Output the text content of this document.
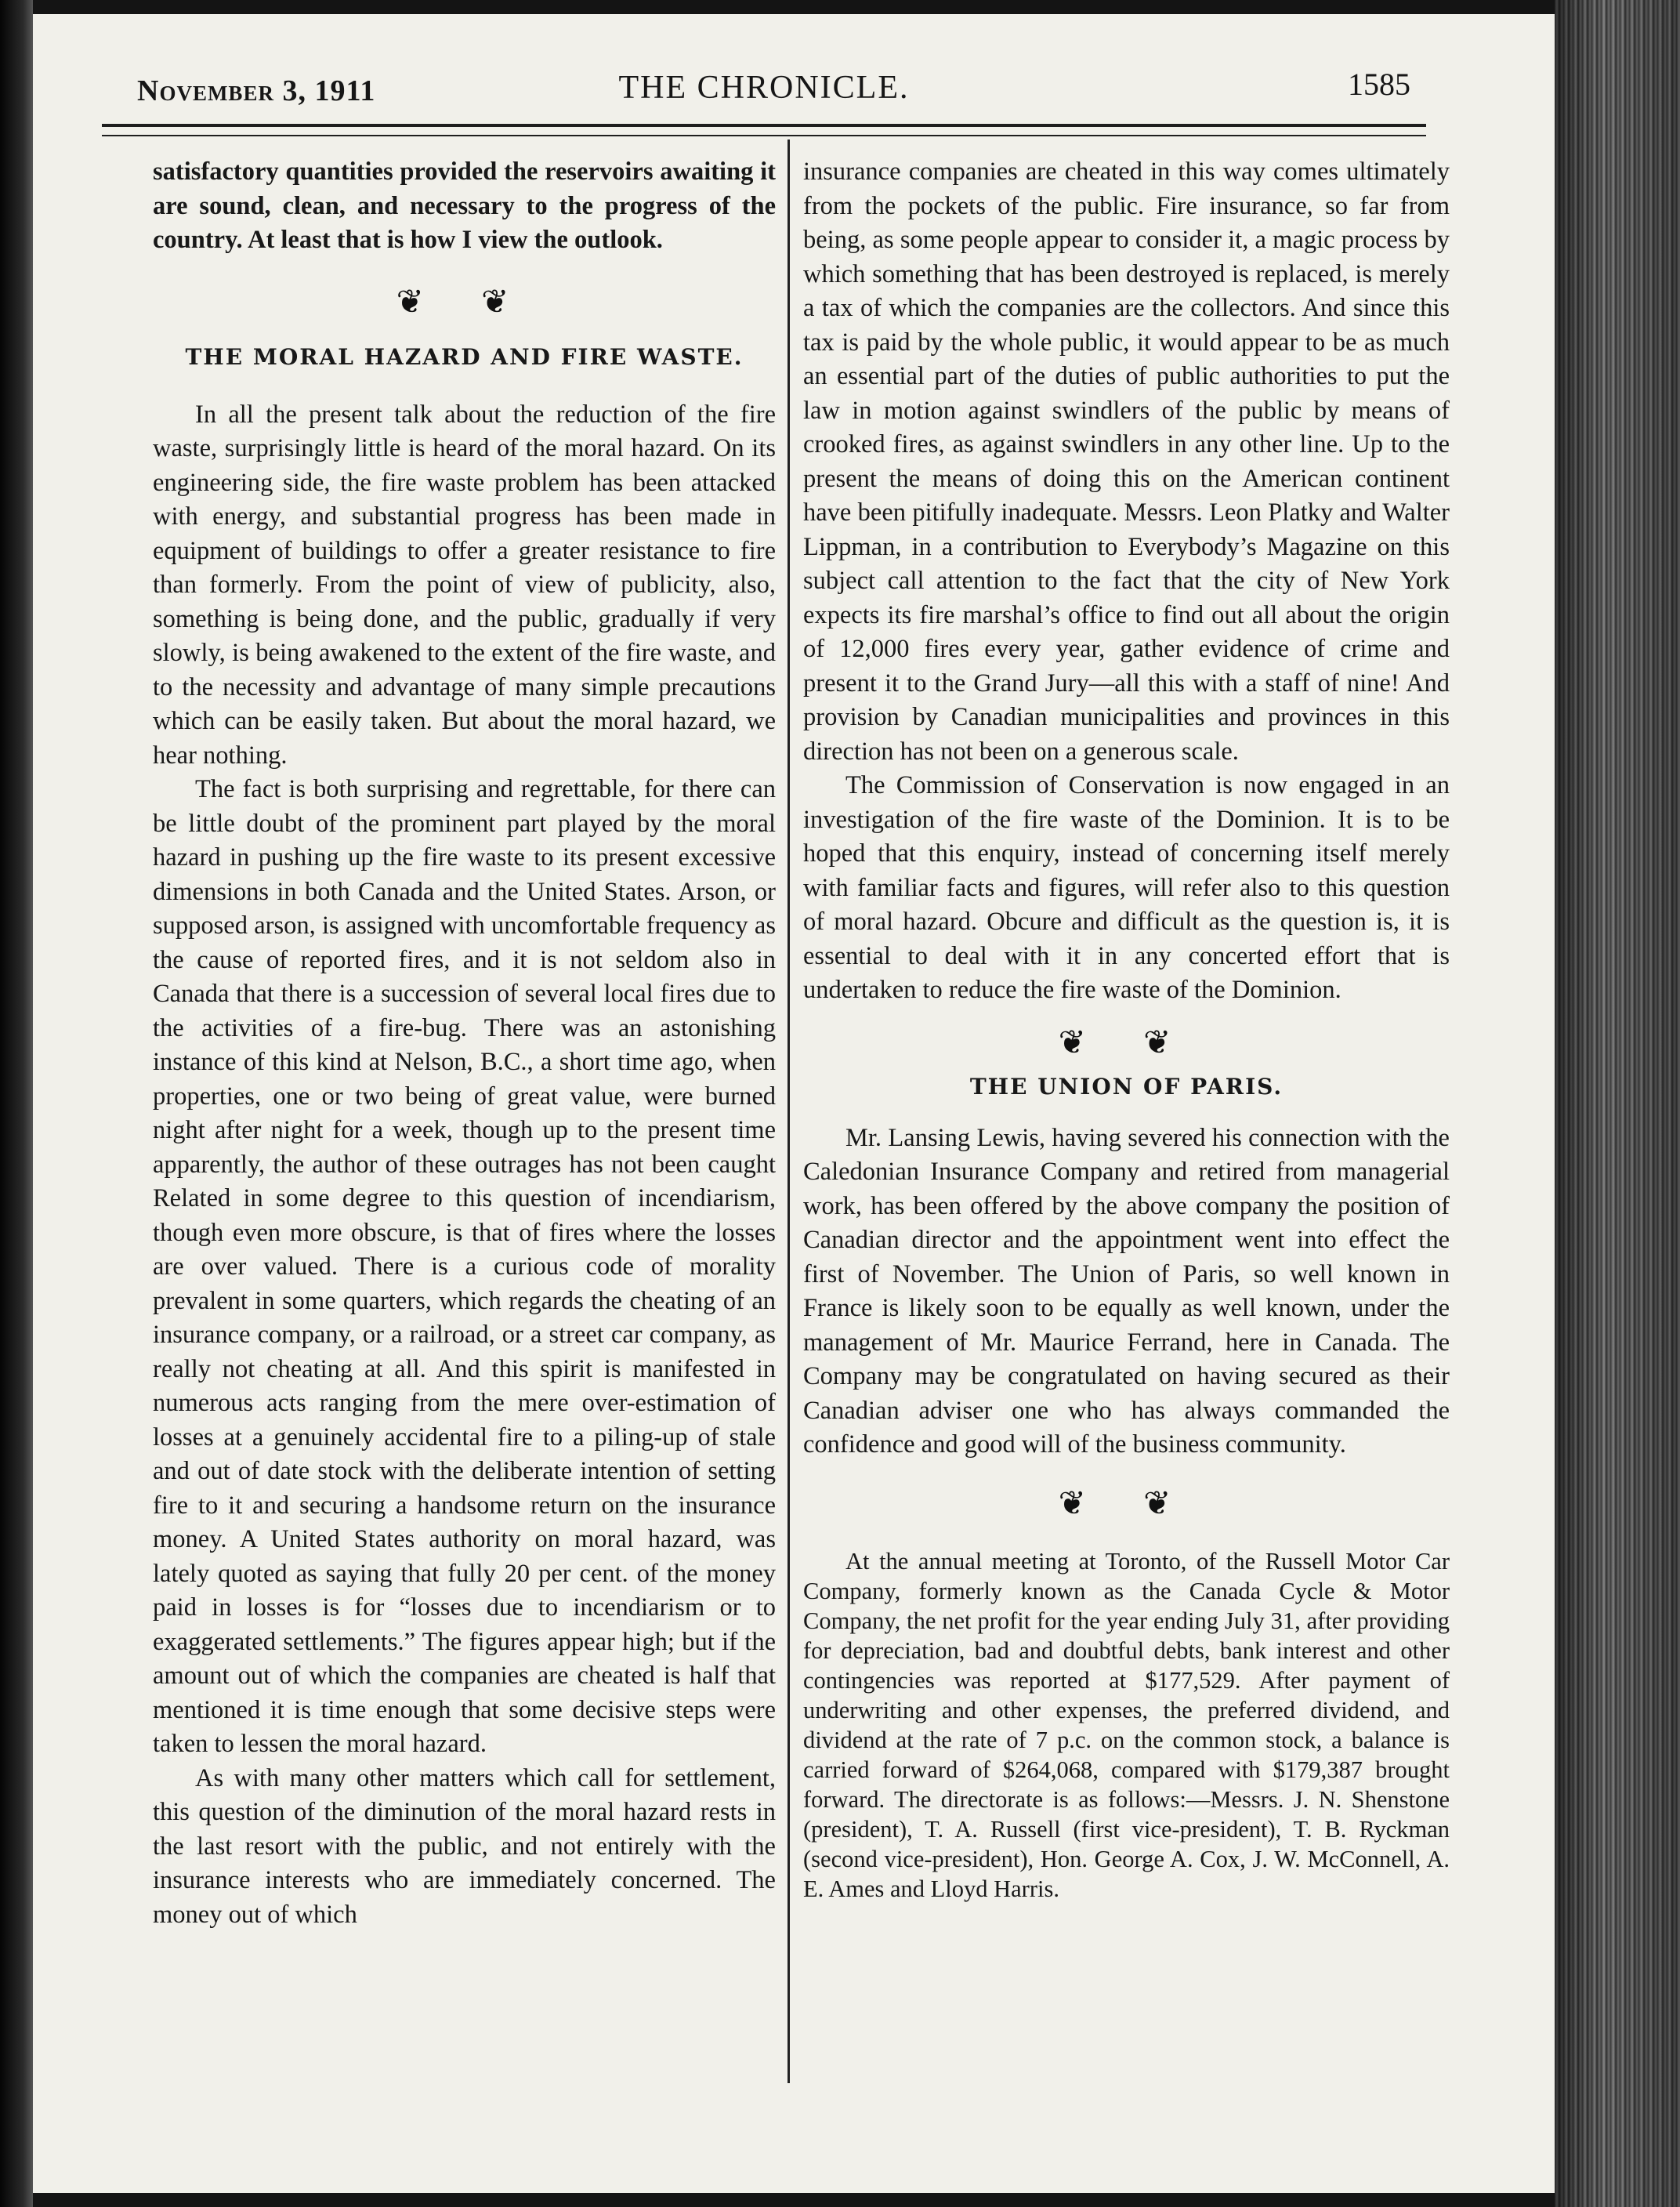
November 3, 1911	THE CHRONICLE.	1585

satisfactory quantities provided the reservoirs awaiting it are sound, clean, and necessary to the progress of the country. At least that is how I view the outlook.

❦ ❦
THE MORAL HAZARD AND FIRE WASTE.

In all the present talk about the reduction of the fire waste, surprisingly little is heard of the moral hazard. On its engineering side, the fire waste problem has been attacked with energy, and substantial progress has been made in equipment of buildings to offer a greater resistance to fire than formerly. From the point of view of publicity, also, something is being done, and the public, gradually if very slowly, is being awakened to the extent of the fire waste, and to the necessity and advantage of many simple precautions which can be easily taken. But about the moral hazard, we hear nothing.

The fact is both surprising and regrettable, for there can be little doubt of the prominent part played by the moral hazard in pushing up the fire waste to its present excessive dimensions in both Canada and the United States. Arson, or supposed arson, is assigned with uncomfortable frequency as the cause of reported fires, and it is not seldom also in Canada that there is a succession of several local fires due to the activities of a fire-bug. There was an astonishing instance of this kind at Nelson, B.C., a short time ago, when properties, one or two being of great value, were burned night after night for a week, though up to the present time apparently, the author of these outrages has not been caught Related in some degree to this question of incendiarism, though even more obscure, is that of fires where the losses are over valued. There is a curious code of morality prevalent in some quarters, which regards the cheating of an insurance company, or a railroad, or a street car company, as really not cheating at all. And this spirit is manifested in numerous acts ranging from the mere over-estimation of losses at a genuinely accidental fire to a piling-up of stale and out of date stock with the deliberate intention of setting fire to it and securing a handsome return on the insurance money. A United States authority on moral hazard, was lately quoted as saying that fully 20 per cent. of the money paid in losses is for “losses due to incendiarism or to exaggerated settlements.” The figures appear high; but if the amount out of which the companies are cheated is half that mentioned it is time enough that some decisive steps were taken to lessen the moral hazard.

As with many other matters which call for settlement, this question of the diminution of the moral hazard rests in the last resort with the public, and not entirely with the insurance interests who are immediately concerned. The money out of which

insurance companies are cheated in this way comes ultimately from the pockets of the public. Fire insurance, so far from being, as some people appear to consider it, a magic process by which something that has been destroyed is replaced, is merely a tax of which the companies are the collectors. And since this tax is paid by the whole public, it would appear to be as much an essential part of the duties of public authorities to put the law in motion against swindlers of the public by means of crooked fires, as against swindlers in any other line. Up to the present the means of doing this on the American continent have been pitifully inadequate. Messrs. Leon Platky and Walter Lippman, in a contribution to Everybody’s Magazine on this subject call attention to the fact that the city of New York expects its fire marshal’s office to find out all about the origin of 12,000 fires every year, gather evidence of crime and present it to the Grand Jury—all this with a staff of nine! And provision by Canadian municipalities and provinces in this direction has not been on a generous scale.

The Commission of Conservation is now engaged in an investigation of the fire waste of the Dominion. It is to be hoped that this enquiry, instead of concerning itself merely with familiar facts and figures, will refer also to this question of moral hazard. Obcure and difficult as the question is, it is essential to deal with it in any concerted effort that is undertaken to reduce the fire waste of the Dominion.

❦ ❦
THE UNION OF PARIS.

Mr. Lansing Lewis, having severed his connection with the Caledonian Insurance Company and retired from managerial work, has been offered by the above company the position of Canadian director and the appointment went into effect the first of November. The Union of Paris, so well known in France is likely soon to be equally as well known, under the management of Mr. Maurice Ferrand, here in Canada. The Company may be congratulated on having secured as their Canadian adviser one who has always commanded the confidence and good will of the business community.

❦ ❦

At the annual meeting at Toronto, of the Russell Motor Car Company, formerly known as the Canada Cycle & Motor Company, the net profit for the year ending July 31, after providing for depreciation, bad and doubtful debts, bank interest and other contingencies was reported at $177,529. After payment of underwriting and other expenses, the preferred dividend, and dividend at the rate of 7 p.c. on the common stock, a balance is carried forward of $264,068, compared with $179,387 brought forward. The directorate is as follows:—Messrs. J. N. Shenstone (president), T. A. Russell (first vice-president), T. B. Ryckman (second vice-president), Hon. George A. Cox, J. W. McConnell, A. E. Ames and Lloyd Harris.
